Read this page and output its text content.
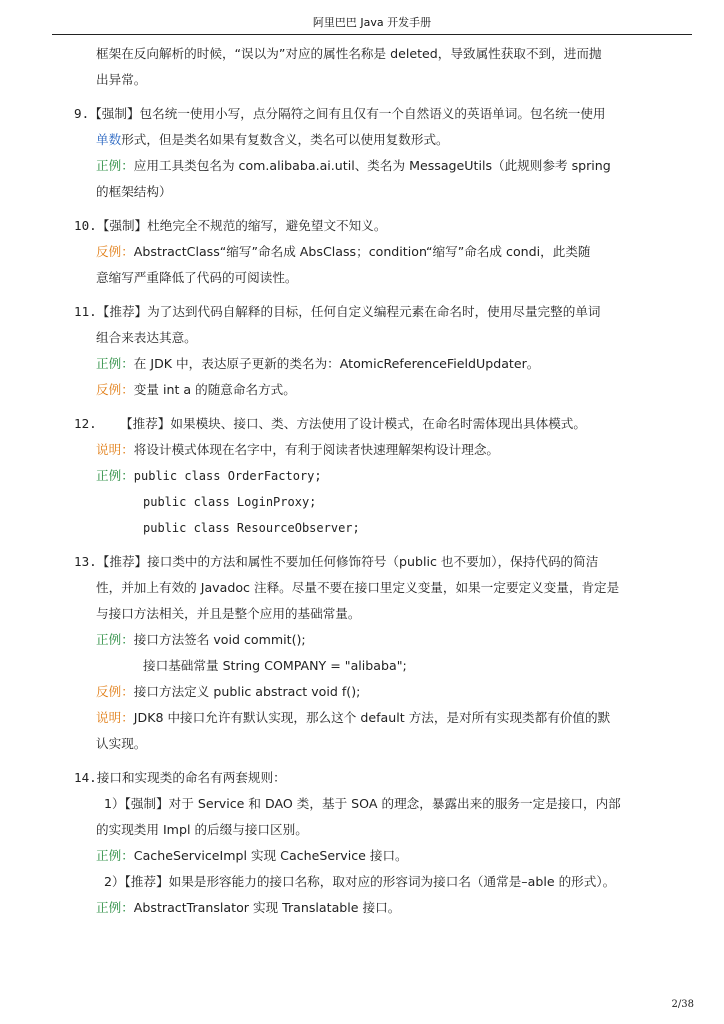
阿里巴巴 Java 开发手册
框架在反向解析的时候，“误以为”对应的属性名称是 deleted，导致属性获取不到，进而抛
出异常。
9.【强制】包名统一使用小写，点分隔符之间有且仅有一个自然语义的英语单词。包名统一使用
单数形式，但是类名如果有复数含义，类名可以使用复数形式。
正例：应用工具类包名为 com.alibaba.ai.util、类名为 MessageUtils（此规则参考 spring
的框架结构）
10.【强制】杜绝完全不规范的缩写，避免望文不知义。
反例：AbstractClass“缩写”命名成 AbsClass；condition“缩写”命名成 condi，此类随
意缩写严重降低了代码的可阅读性。
11.【推荐】为了达到代码自解释的目标，任何自定义编程元素在命名时，使用尽量完整的单词
组合来表达其意。
正例：在 JDK 中，表达原子更新的类名为：AtomicReferenceFieldUpdater。
反例：变量 int a 的随意命名方式。
12. 【推荐】如果模块、接口、类、方法使用了设计模式，在命名时需体现出具体模式。
说明：将设计模式体现在名字中，有利于阅读者快速理解架构设计理念。
正例：public class OrderFactory;
public class LoginProxy;
public class ResourceObserver;
13.【推荐】接口类中的方法和属性不要加任何修饰符号（public 也不要加），保持代码的简洁
性，并加上有效的 Javadoc 注释。尽量不要在接口里定义变量，如果一定要定义变量，肯定是
与接口方法相关，并且是整个应用的基础常量。
正例：接口方法签名 void commit();
接口基础常量 String COMPANY = "alibaba";
反例：接口方法定义 public abstract void f();
说明：JDK8 中接口允许有默认实现，那么这个 default 方法，是对所有实现类都有价值的默
认实现。
14.接口和实现类的命名有两套规则：
1）【强制】对于 Service 和 DAO 类，基于 SOA 的理念，暴露出来的服务一定是接口，内部
的实现类用 Impl 的后缀与接口区别。
正例：CacheServiceImpl 实现 CacheService 接口。
2）【推荐】如果是形容能力的接口名称，取对应的形容词为接口名（通常是–able 的形式）。
正例：AbstractTranslator 实现 Translatable 接口。
2/38
